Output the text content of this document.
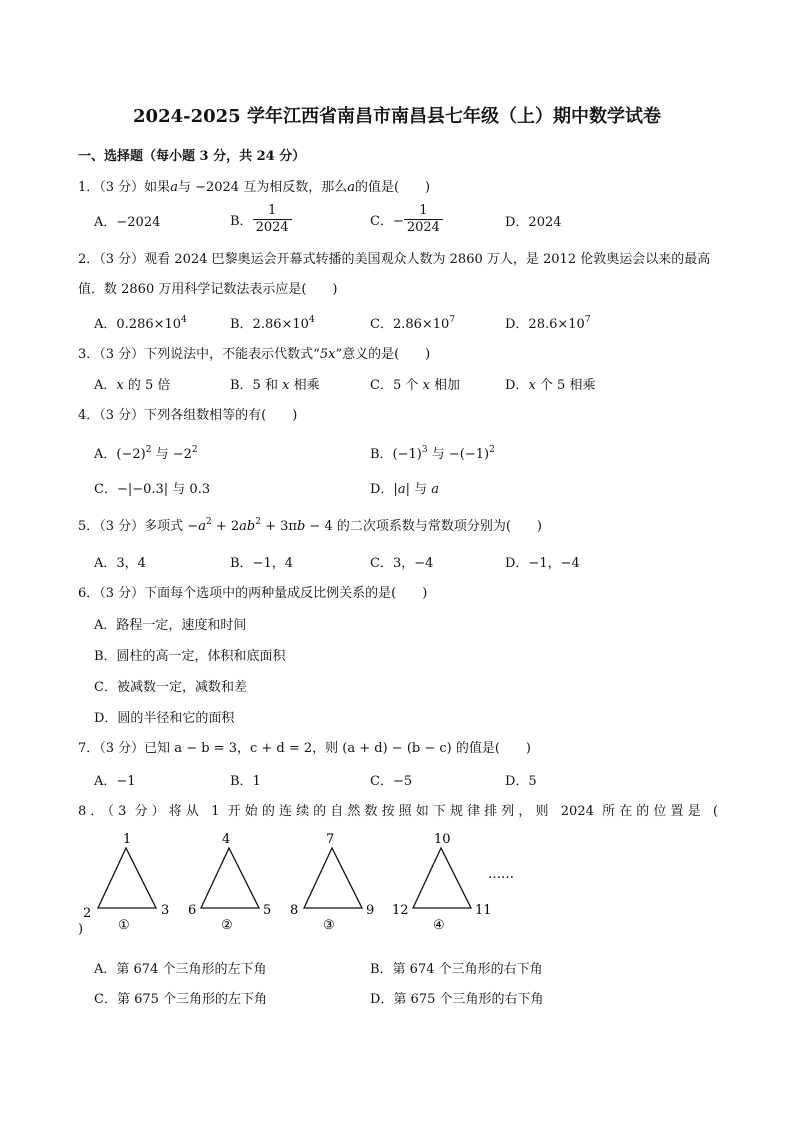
2024-2025 学年江西省南昌市南昌县七年级（上）期中数学试卷
一、选择题（每小题 3 分，共 24 分）
1．（3 分）如果a与 −2024 互为相反数，那么a的值是(　　)
A．−2024	B． $\frac{1}{2024}$	C．− $\frac{1}{2024}$	D．2024
2．（3 分）观看 2024 巴黎奥运会开幕式转播的美国观众人数为 2860 万人，是 2012 伦敦奥运会以来的最高
值．数 2860 万用科学记数法表示应是(　　)
A．$0.286\times 10^4$	B．$2.86\times 10^4$	C．$2.86\times 10^7$	D．$28.6\times 10^7$
3．（3 分）下列说法中，不能表示代数式“5x”意义的是(　　)
A．x 的 5 倍	B．5 和 x 相乘	C．5 个 x 相加	D．x 个 5 相乘
4．（3 分）下列各组数相等的有(　　)
A．$(-2)^2$ 与 $-2^2$	B．$(-1)^3$ 与 $-(-1)^2$
C．−|−0.3| 与 0.3	D．|a| 与 a
5．（3 分）多项式 $-a^2 + 2ab^2 + 3\pi b - 4$ 的二次项系数与常数项分别为(　　)
A．3，4	B．−1，4	C．3，−4	D．−1，−4
6．（3 分）下面每个选项中的两种量成反比例关系的是(　　)
A．路程一定，速度和时间
B．圆柱的高一定，体积和底面积
C．被减数一定，减数和差
D．圆的半径和它的面积
7．（3 分）已知 a − b = 3，c + d = 2，则 (a + d) − (b − c) 的值是(　　)
A．−1	B．1	C．−5	D．5
8．（3 分）将从 1 开始的连续的自然数按照如下规律排列，则 2024 所在的位置是 (
1
2	3
①
4
6	5
②
7
8	9
③
10
12	11
④
……
)
A．第 674 个三角形的左下角	B．第 674 个三角形的右下角
C．第 675 个三角形的左下角	D．第 675 个三角形的右下角
